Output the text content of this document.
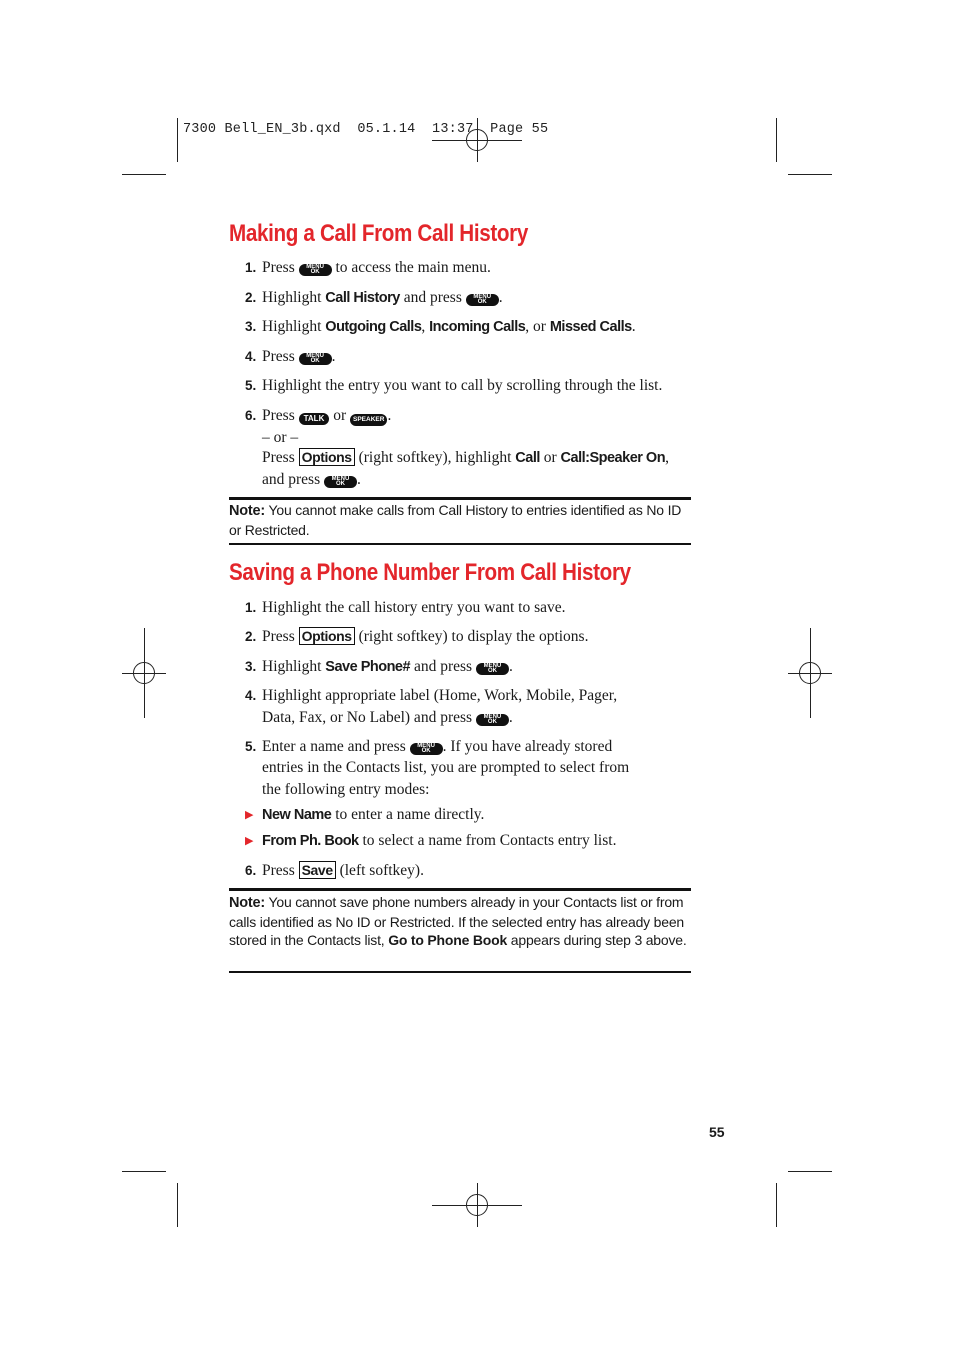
7300 Bell_EN_3b.qxd  05.1.14  13:37  Page 55
Making a Call From Call History
1. Press	MENU
OK	to access the main menu.
2. Highlight Call History and press	MENU
OK .
3. Highlight Outgoing Calls, Incoming Calls, or Missed Calls.
4. Press	MENU
OK .
5. Highlight the entry you want to call by scrolling through the list.
6. Press TALK or SPEAKER .
– or –
Press Options (right softkey), highlight Call or Call:Speaker On,
and press	MENU
OK .
Note: You cannot make calls from Call History to entries identified as No ID or Restricted.
Saving a Phone Number From Call History
1. Highlight the call history entry you want to save.
2. Press Options (right softkey) to display the options.
3. Highlight Save Phone# and press	MENU
OK .
4. Highlight appropriate label (Home, Work, Mobile, Pager,
Data, Fax, or No Label) and press	MENU
OK .
5. Enter a name and press	MENU
OK . If you have already stored
entries in the Contacts list, you are prompted to select from
the following entry modes:
▶ New Name to enter a name directly.
▶ From Ph. Book to select a name from Contacts entry list.
6. Press Save (left softkey).
Note: You cannot save phone numbers already in your Contacts list or from calls identified as No ID or Restricted. If the selected entry has already been stored in the Contacts list, Go to Phone Book appears during step 3 above.
55
